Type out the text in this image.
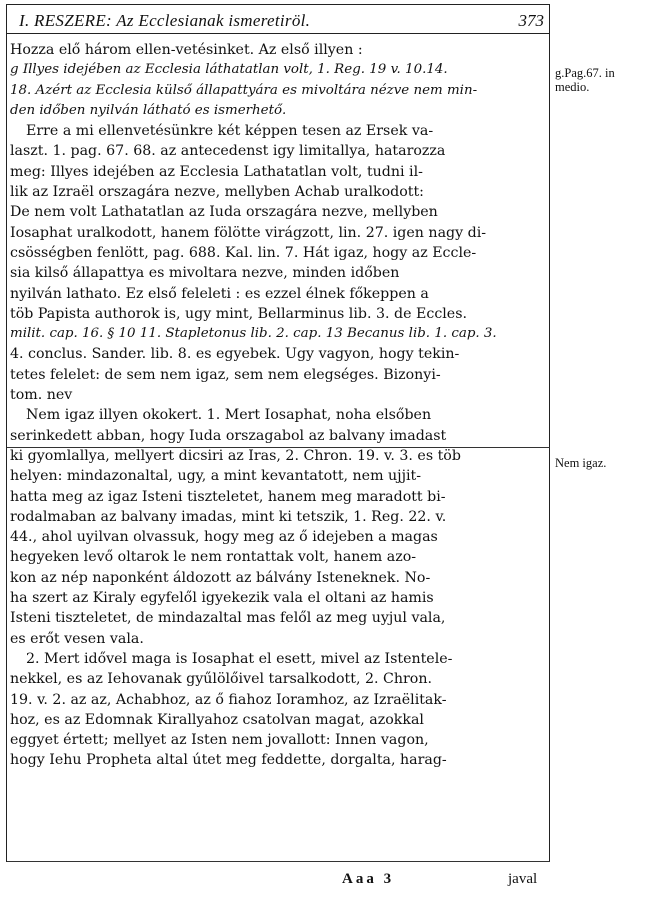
I. RESZERE: Az Ecclesianak ismeretiröl.	373
Hozza elő három ellen-vetésinket. Az első illyen :
g Illyes idejében az Ecclesia láthatatlan volt, 1. Reg. 19 v. 10.14.
18. Azért az Ecclesia külső állapattyára es mivoltára nézve nem min-
den időben nyilván látható es ismerhető.
Erre a mi ellenvetésünkre két képpen tesen az Ersek va-
laszt. 1. pag. 67. 68. az antecedenst igy limitallya, hatarozza
meg: Illyes idejében az Ecclesia Lathatatlan volt, tudni il-
lik az Izraël orszagára nezve, mellyben Achab uralkodott:
De nem volt Lathatatlan az Iuda orszagára nezve, mellyben
Iosaphat uralkodott, hanem fölötte virágzott, lin. 27. igen nagy di-
csösségben fenlött, pag. 688. Kal. lin. 7. Hát igaz, hogy az Eccle-
sia kilső állapattya es mivoltara nezve, minden időben
nyilván lathato. Ez első feleleti : es ezzel élnek főkeppen a
töb Papista authorok is, ugy mint, Bellarminus lib. 3. de Eccles.
milit. cap. 16. § 10 11. Stapletonus lib. 2. cap. 13 Becanus lib. 1. cap. 3.
4. conclus. Sander. lib. 8. es egyebek. Ugy vagyon, hogy tekin-
tetes felelet: de sem nem igaz, sem nem elegséges. Bizonyi-
tom. nev
Nem igaz illyen okokert. 1. Mert Iosaphat, noha elsőben
serinkedett abban, hogy Iuda orszagabol az balvany imadast
ki gyomlallya, mellyert dicsiri az Iras, 2. Chron. 19. v. 3. es töb
helyen: mindazonaltal, ugy, a mint kevantatott, nem ujjit-
hatta meg az igaz Isteni tiszteletet, hanem meg maradott bi-
rodalmaban az balvany imadas, mint ki tetszik, 1. Reg. 22. v.
44., ahol uyilvan olvassuk, hogy meg az ő idejeben a magas
hegyeken levő oltarok le nem rontattak volt, hanem azo-
kon az nép naponként áldozott az bálvány Isteneknek. No-
ha szert az Kiraly egyfelől igyekezik vala el oltani az hamis
Isteni tiszteletet, de mindazaltal mas felől az meg uyjul vala,
es erőt vesen vala.
2. Mert idővel maga is Iosaphat el esett, mivel az Istentele-
nekkel, es az Iehovanak gyűlölőivel tarsalkodott, 2. Chron.
19. v. 2. az az, Achabhoz, az ő fiahoz Ioramhoz, az Izraëlitak-
hoz, es az Edomnak Kirallyahoz csatolvan magat, azokkal
eggyet értett; mellyet az Isten nem jovallott: Innen vagon,
hogy Iehu Propheta altal útet meg feddette, dorgalta, harag-
g.Pag.67. in
medio.
Nem igaz.
Aaa 3	javal
